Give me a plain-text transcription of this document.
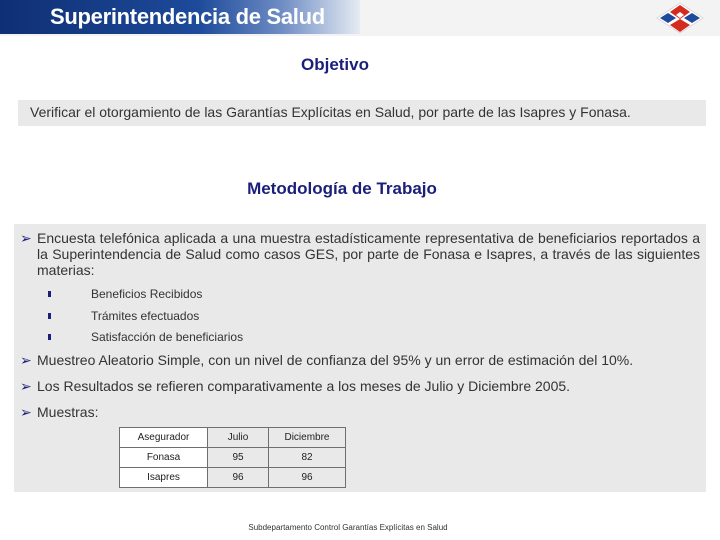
Superintendencia de Salud
Objetivo
Verificar el otorgamiento de las Garantías Explícitas en Salud, por parte de las Isapres y Fonasa.
Metodología de Trabajo
➢ Encuesta telefónica aplicada a una muestra estadísticamente representativa de beneficiarios reportados a la Superintendencia de Salud como casos GES, por parte de Fonasa e Isapres, a través de las siguientes materias:
Beneficios Recibidos
Trámites efectuados
Satisfacción de beneficiarios
➢ Muestreo Aleatorio Simple, con un nivel de confianza del 95% y un error de estimación del 10%.
➢ Los Resultados se refieren comparativamente a los meses de Julio y Diciembre 2005.
➢ Muestras:
Asegurador	Julio	Diciembre
Fonasa	95	82
Isapres	96	96
Subdepartamento Control Garantías Explícitas en Salud
